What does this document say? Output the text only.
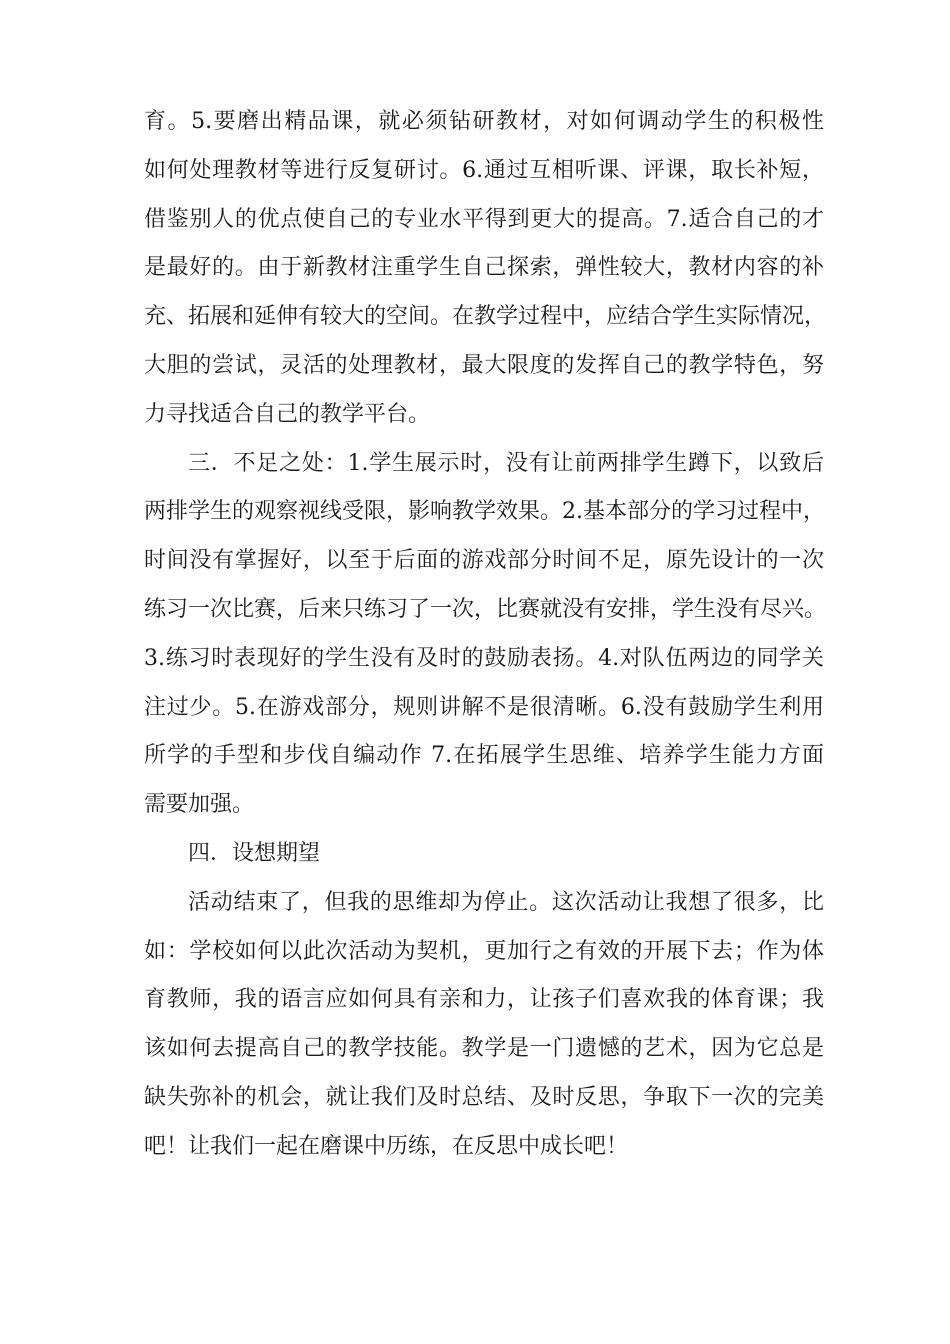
育。5.要磨出精品课，就必须钻研教材，对如何调动学生的积极性
如何处理教材等进行反复研讨。6.通过互相听课、评课，取长补短，
借鉴别人的优点使自己的专业水平得到更大的提高。7.适合自己的才
是最好的。由于新教材注重学生自己探索，弹性较大，教材内容的补
充、拓展和延伸有较大的空间。在教学过程中，应结合学生实际情况，
大胆的尝试，灵活的处理教材，最大限度的发挥自己的教学特色，努
力寻找适合自己的教学平台。
三．不足之处：1.学生展示时，没有让前两排学生蹲下，以致后
两排学生的观察视线受限，影响教学效果。2.基本部分的学习过程中，
时间没有掌握好，以至于后面的游戏部分时间不足，原先设计的一次
练习一次比赛，后来只练习了一次，比赛就没有安排，学生没有尽兴。
3.练习时表现好的学生没有及时的鼓励表扬。4.对队伍两边的同学关
注过少。5.在游戏部分，规则讲解不是很清晰。6.没有鼓励学生利用
所学的手型和步伐自编动作 7.在拓展学生思维、培养学生能力方面
需要加强。
四．设想期望
活动结束了，但我的思维却为停止。这次活动让我想了很多，比
如：学校如何以此次活动为契机，更加行之有效的开展下去；作为体
育教师，我的语言应如何具有亲和力，让孩子们喜欢我的体育课；我
该如何去提高自己的教学技能。教学是一门遗憾的艺术，因为它总是
缺失弥补的机会，就让我们及时总结、及时反思，争取下一次的完美
吧！让我们一起在磨课中历练，在反思中成长吧！
